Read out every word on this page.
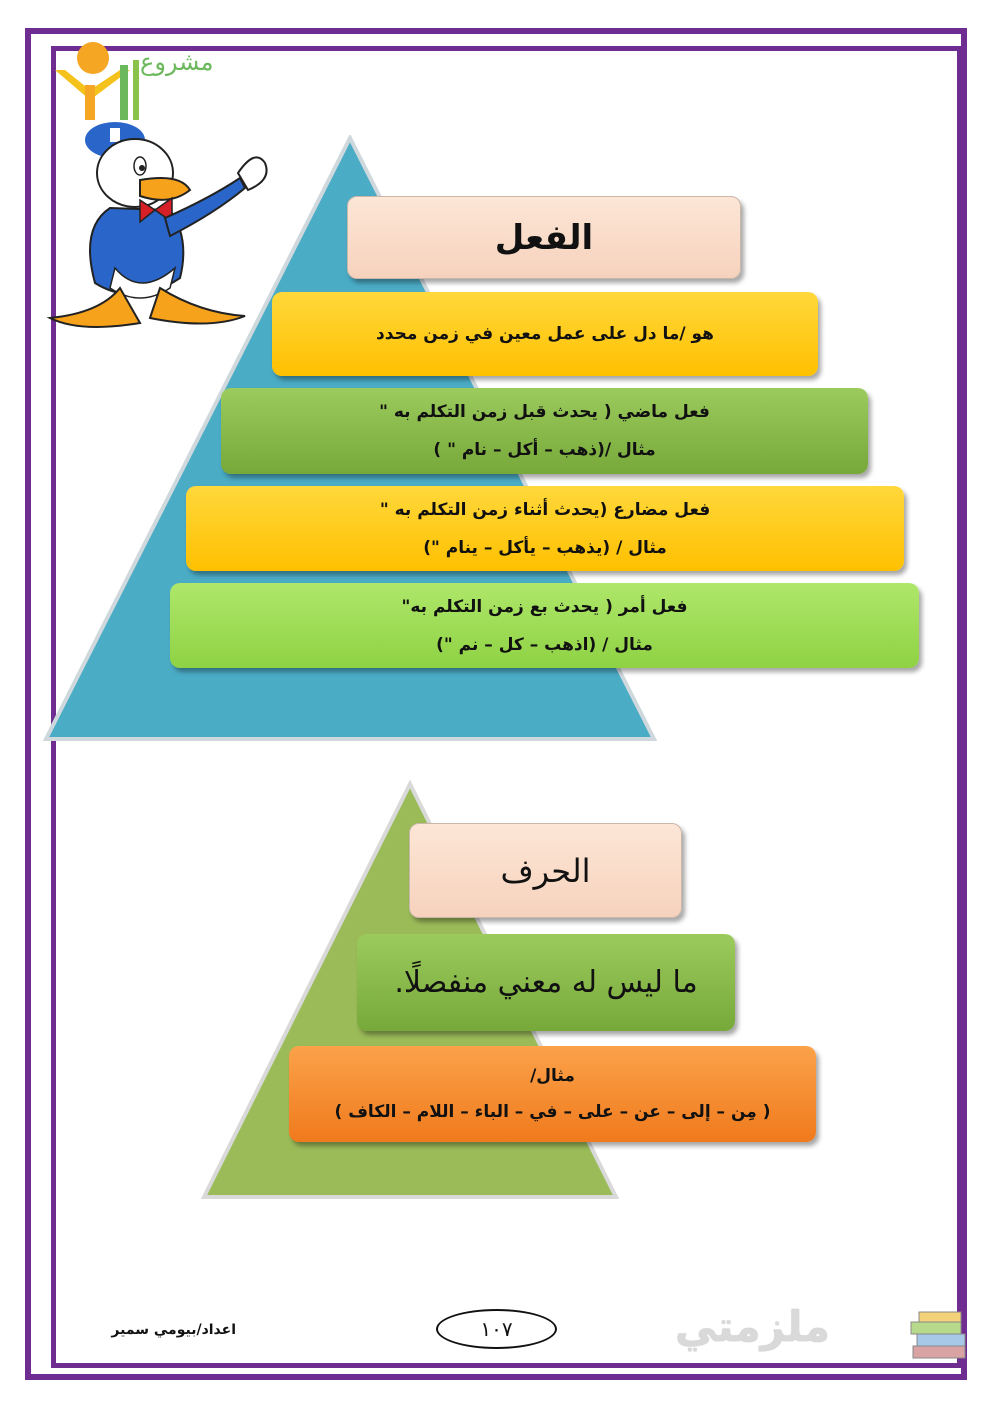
مشروع
الفعل
هو /ما دل على عمل معين في زمن محدد
فعل ماضي ( يحدث قبل زمن التكلم به "
مثال /(ذهب – أكل – نام " )
فعل مضارع (يحدث أثناء زمن التكلم به "
مثال / (يذهب – يأكل – ينام ")
فعل أمر ( يحدث بع زمن التكلم به"
مثال / (اذهب – كل – نم ")
الحرف
ما ليس له معني منفصلًا.
مثال/
( مِن – إلى – عن – على – في – الباء – اللام – الكاف )
اعداد/بيومي سمير	١٠٧	ملزمتي
